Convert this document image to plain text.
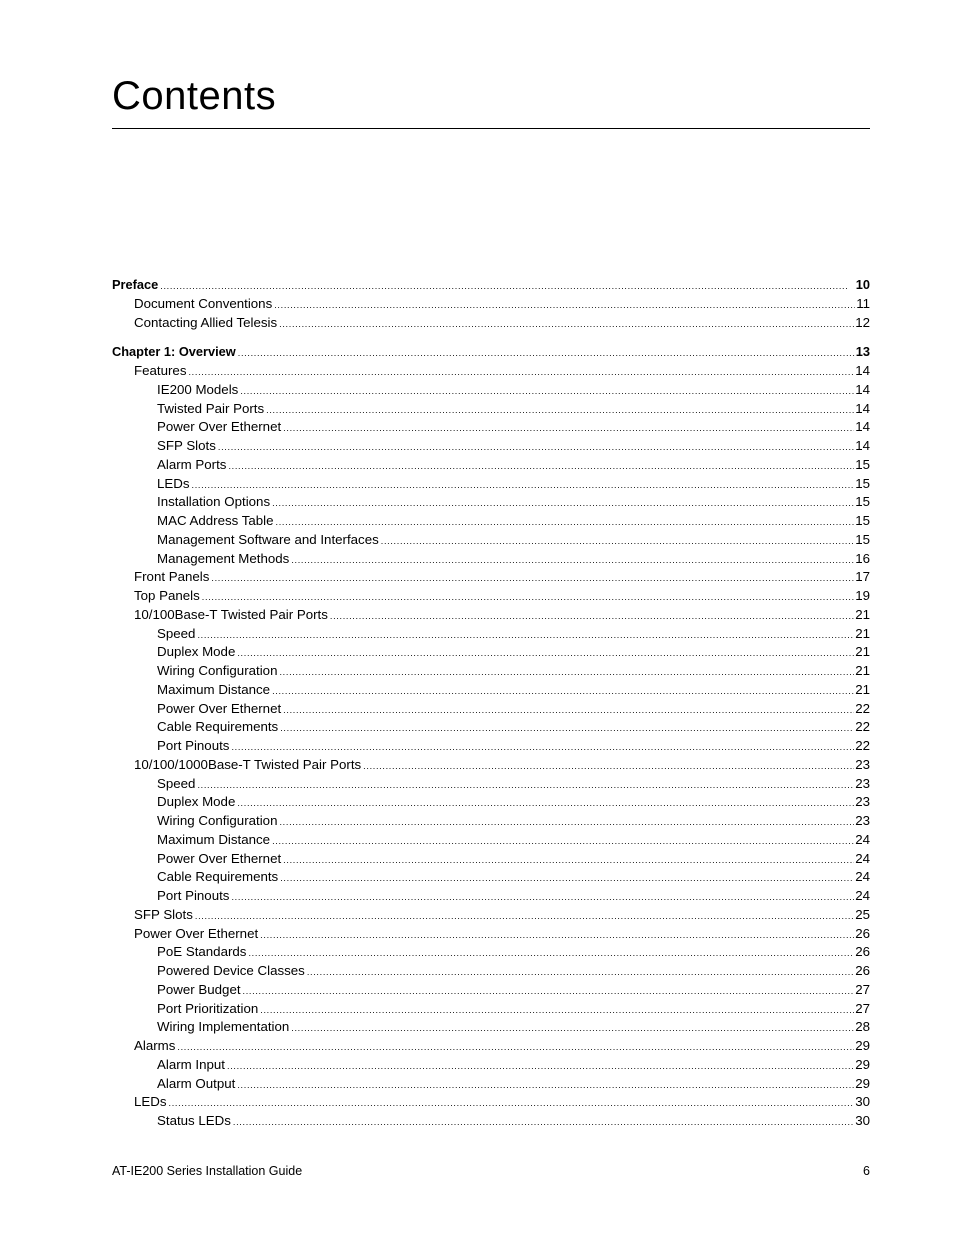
Contents
Preface . . .	10
Document Conventions . . .	11
Contacting Allied Telesis . . .	12
Chapter 1: Overview . . .	13
Features . . .	14
IE200 Models . . .	14
Twisted Pair Ports . . .	14
Power Over Ethernet . . .	14
SFP Slots . . .	14
Alarm Ports . . .	15
LEDs . . .	15
Installation Options . . .	15
MAC Address Table . . .	15
Management Software and Interfaces . . .	15
Management Methods . . .	16
Front Panels . . .	17
Top Panels . . .	19
10/100Base-T Twisted Pair Ports . . .	21
Speed . . .	21
Duplex Mode . . .	21
Wiring Configuration . . .	21
Maximum Distance . . .	21
Power Over Ethernet . . .	22
Cable Requirements . . .	22
Port Pinouts . . .	22
10/100/1000Base-T Twisted Pair Ports . . .	23
Speed . . .	23
Duplex Mode . . .	23
Wiring Configuration . . .	23
Maximum Distance . . .	24
Power Over Ethernet . . .	24
Cable Requirements . . .	24
Port Pinouts . . .	24
SFP Slots . . .	25
Power Over Ethernet . . .	26
PoE Standards . . .	26
Powered Device Classes . . .	26
Power Budget . . .	27
Port Prioritization . . .	27
Wiring Implementation . . .	28
Alarms . . .	29
Alarm Input . . .	29
Alarm Output . . .	29
LEDs . . .	30
Status LEDs . . .	30
AT-IE200 Series Installation Guide	6
